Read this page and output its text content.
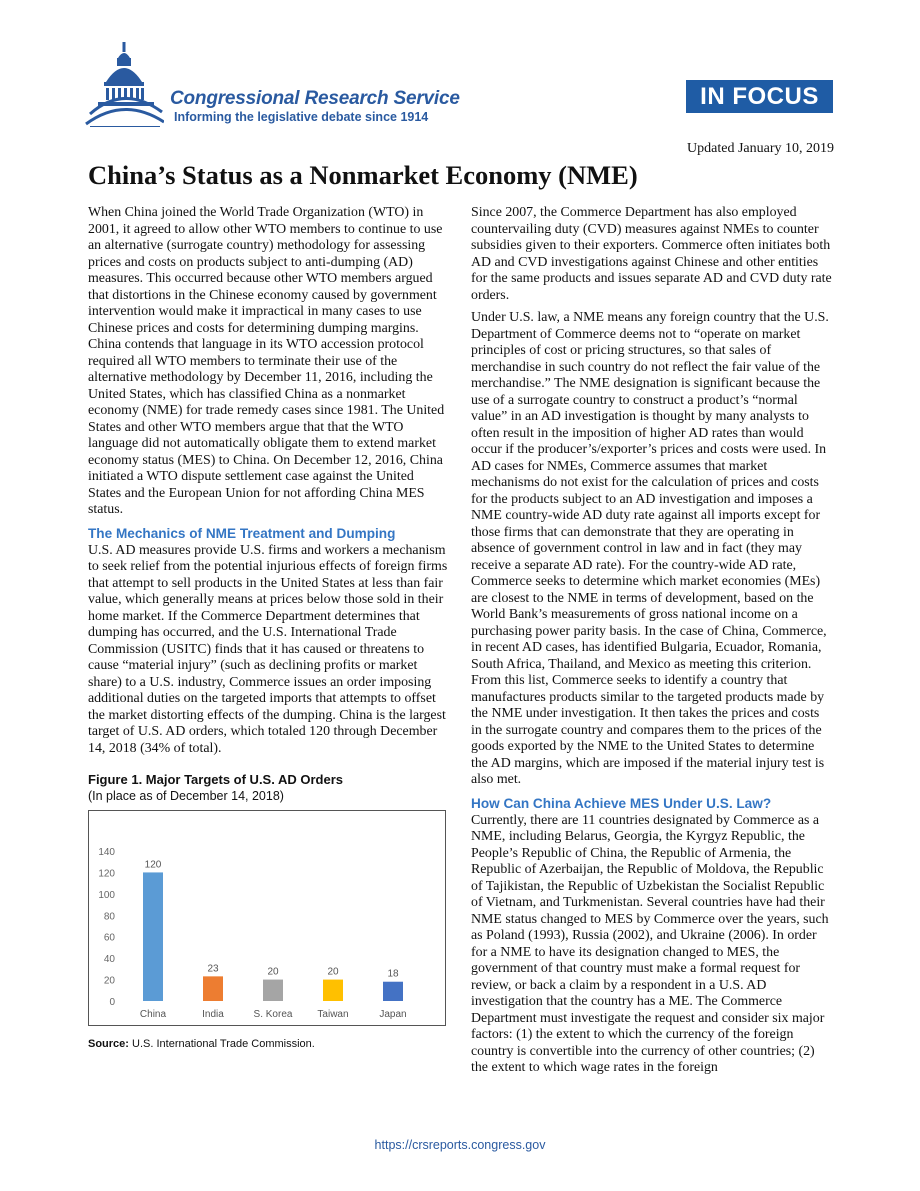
Congressional Research Service
Informing the legislative debate since 1914
IN FOCUS
Updated January 10, 2019
China’s Status as a Nonmarket Economy (NME)

When China joined the World Trade Organization (WTO) in 2001, it agreed to allow other WTO members to continue to use an alternative (surrogate country) methodology for assessing prices and costs on products subject to anti-dumping (AD) measures. This occurred because other WTO members argued that distortions in the Chinese economy caused by government intervention would make it impractical in many cases to use Chinese prices and costs for determining dumping margins. China contends that language in its WTO accession protocol required all WTO members to terminate their use of the alternative methodology by December 11, 2016, including the United States, which has classified China as a nonmarket economy (NME) for trade remedy cases since 1981. The United States and other WTO members argue that that the WTO language did not automatically obligate them to extend market economy status (MES) to China. On December 12, 2016, China initiated a WTO dispute settlement case against the United States and the European Union for not affording China MES status.

The Mechanics of NME Treatment and Dumping

U.S. AD measures provide U.S. firms and workers a mechanism to seek relief from the potential injurious effects of foreign firms that attempt to sell products in the United States at less than fair value, which generally means at prices below those sold in their home market. If the Commerce Department determines that dumping has occurred, and the U.S. International Trade Commission (USITC) finds that it has caused or threatens to cause “material injury” (such as declining profits or market share) to a U.S. industry, Commerce issues an order imposing additional duties on the targeted imports that attempts to offset the market distorting effects of the dumping. China is the largest target of U.S. AD orders, which totaled 120 through December 14, 2018 (34% of total).

Figure 1. Major Targets of U.S. AD Orders
(In place as of December 14, 2018)
0
20
40
60
80
100
120
140
120
China
23
India
20
S. Korea
20
Taiwan
18
Japan
Source: U.S. International Trade Commission.

Since 2007, the Commerce Department has also employed countervailing duty (CVD) measures against NMEs to counter subsidies given to their exporters. Commerce often initiates both AD and CVD investigations against Chinese and other entities for the same products and issues separate AD and CVD duty rate orders.

Under U.S. law, a NME means any foreign country that the U.S. Department of Commerce deems not to “operate on market principles of cost or pricing structures, so that sales of merchandise in such country do not reflect the fair value of the merchandise.” The NME designation is significant because the use of a surrogate country to construct a product’s “normal value” in an AD investigation is thought by many analysts to often result in the imposition of higher AD rates than would occur if the producer’s/exporter’s prices and costs were used. In AD cases for NMEs, Commerce assumes that market mechanisms do not exist for the calculation of prices and costs for the products subject to an AD investigation and imposes a NME country-wide AD duty rate against all imports except for those firms that can demonstrate that they are operating in absence of government control in law and in fact (they may receive a separate AD rate). For the country-wide AD rate, Commerce seeks to determine which market economies (MEs) are closest to the NME in terms of development, based on the World Bank’s measurements of gross national income on a purchasing power parity basis. In the case of China, Commerce, in recent AD cases, has identified Bulgaria, Ecuador, Romania, South Africa, Thailand, and Mexico as meeting this criterion. From this list, Commerce seeks to identify a country that manufactures products similar to the targeted products made by the NME under investigation. It then takes the prices and costs in the surrogate country and compares them to the prices of the goods exported by the NME to the United States to determine the AD margins, which are imposed if the material injury test is also met.

How Can China Achieve MES Under U.S. Law?

Currently, there are 11 countries designated by Commerce as a NME, including Belarus, Georgia, the Kyrgyz Republic, the People’s Republic of China, the Republic of Armenia, the Republic of Azerbaijan, the Republic of Moldova, the Republic of Tajikistan, the Republic of Uzbekistan the Socialist Republic of Vietnam, and Turkmenistan. Several countries have had their NME status changed to MES by Commerce over the years, such as Poland (1993), Russia (2002), and Ukraine (2006). In order for a NME to have its designation changed to MES, the government of that country must make a formal request for review, or back a claim by a respondent in a U.S. AD investigation that the country has a ME. The Commerce Department must investigate the request and consider six major factors: (1) the extent to which the currency of the foreign country is convertible into the currency of other countries; (2) the extent to which wage rates in the foreign

https://crsreports.congress.gov
